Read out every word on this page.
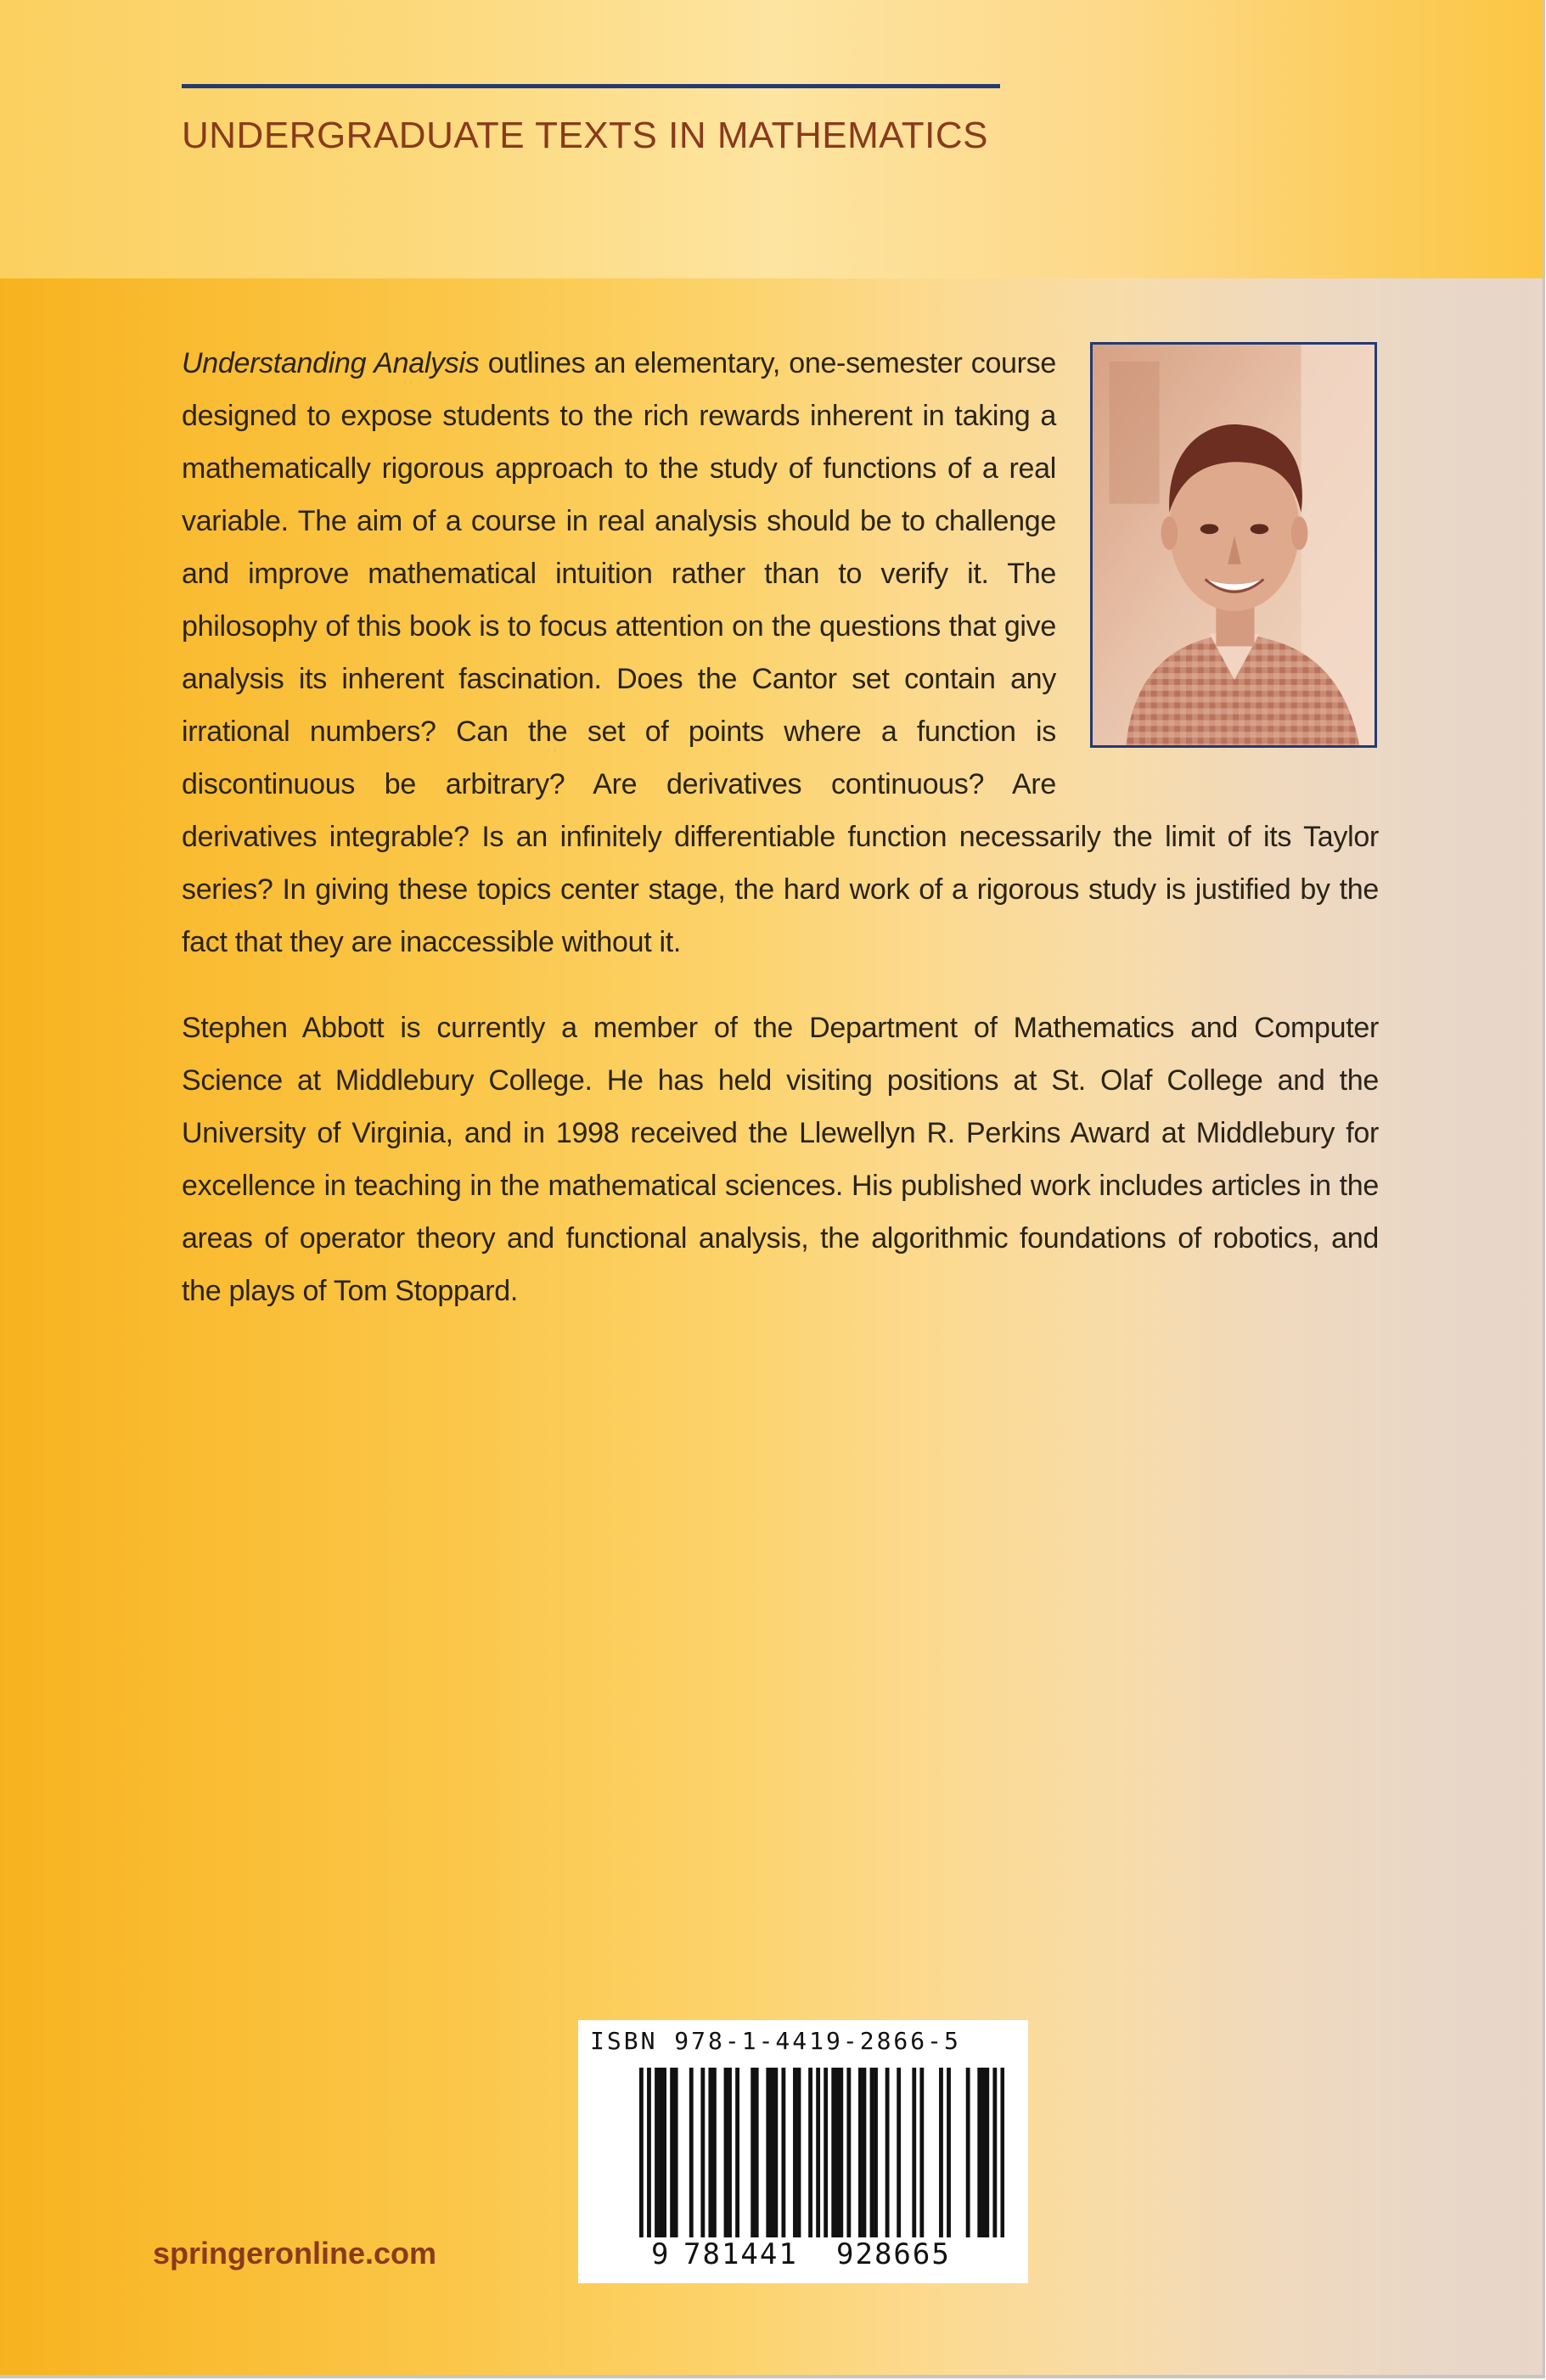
UNDERGRADUATE TEXTS IN MATHEMATICS

Understanding Analysis outlines an elementary, one-semester course designed to expose students to the rich rewards inherent in taking a mathematically rigorous approach to the study of functions of a real variable. The aim of a course in real analysis should be to challenge and improve mathematical intuition rather than to verify it. The philosophy of this book is to focus attention on the questions that give analysis its inherent fascination. Does the Cantor set contain any irrational numbers? Can the set of points where a function is discontinuous be arbitrary? Are derivatives continuous? Are derivatives integrable? Is an infinitely differentiable function necessarily the limit of its Taylor series? In giving these topics center stage, the hard work of a rigorous study is justified by the fact that they are inaccessible without it.

Stephen Abbott is currently a member of the Department of Mathematics and Computer Science at Middlebury College. He has held visiting positions at St. Olaf College and the University of Virginia, and in 1998 received the Llewellyn R. Perkins Award at Middlebury for excellence in teaching in the mathematical sciences. His published work includes articles in the areas of operator theory and functional analysis, the algorithmic foundations of robotics, and the plays of Tom Stoppard.

ISBN 978-1-4419-2866-5
9 781441 928665
springeronline.com
